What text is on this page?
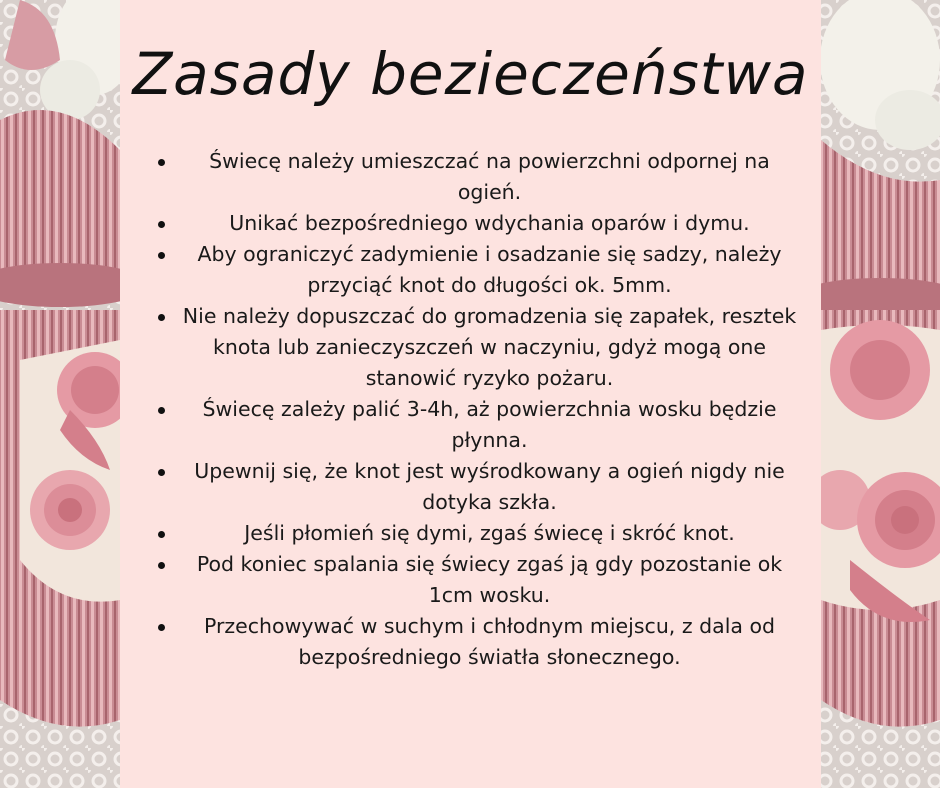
Zasady bezieczeństwa
Świecę należy umieszczać na powierzchni odpornej na ogień.
Unikać bezpośredniego wdychania oparów i dymu.
Aby ograniczyć zadymienie i osadzanie się sadzy, należy przyciąć knot do długości ok. 5mm.
Nie należy dopuszczać do gromadzenia się zapałek, resztek knota lub zanieczyszczeń w naczyniu, gdyż mogą one stanowić ryzyko pożaru.
Świecę zależy palić 3-4h, aż powierzchnia wosku będzie płynna.
Upewnij się, że knot jest wyśrodkowany a ogień nigdy nie dotyka szkła.
Jeśli płomień się dymi, zgaś świecę i skróć knot.
Pod koniec spalania się świecy zgaś ją gdy pozostanie ok 1cm wosku.
Przechowywać w suchym i chłodnym miejscu, z dala od bezpośredniego światła słonecznego.
